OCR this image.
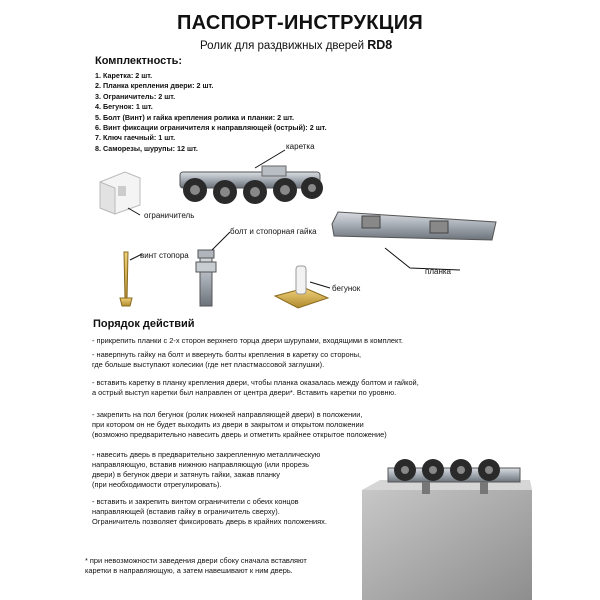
ПАСПОРТ-ИНСТРУКЦИЯ
Ролик для раздвижных дверей RD8
Комплектность:
1. Каретка: 2 шт.
2. Планка крепления двери: 2 шт.
3. Ограничитель: 2 шт.
4. Бегунок: 1 шт.
5. Болт (Винт) и гайка крепления ролика и планки: 2 шт.
6. Винт фиксации ограничителя к направляющей (острый): 2 шт.
7. Ключ гаечный: 1 шт.
8. Саморезы, шурупы: 12 шт.	каретка
ограничитель
болт и стопорная гайка
винт стопора
планка
бегунок
Порядок действий
- прикрепить планки с 2-х сторон верхнего торца двери шурупами, входящими в комплект.
- наверпнуть гайку на болт и ввернуть болты крепления в каретку со стороны,
где больше выступают колесики (где нет пластмассовой заглушки).
- вставить каретку в планку крепления двери, чтобы планка оказалась между болтом и гайкой,
а острый выступ каретки был направлен от центра двери*. Вставить каретки по уровню.
- закрепить на пол бегунок (ролик нижней направляющей двери) в положении,
при котором он не будет выходить из двери в закрытом и открытом положении
(возможно предварительно навесить дверь и отметить крайнее открытое положение)
- навесить дверь в предварительно закрепленную металлическую
направляющую, вставив нижнюю направляющую (или прорезь
двери) в бегунок двери и затянуть гайки, зажав планку
(при необходимости отрегулировать).
- вставить и закрепить винтом ограничители с обеих концов
направляющей (вставив гайку в ограничитель сверху).
Ограничитель позволяет фиксировать дверь в крайних положениях.
* при невозможности заведения двери сбоку сначала вставляют
каретки в направляющую, а затем навешивают к ним дверь.
